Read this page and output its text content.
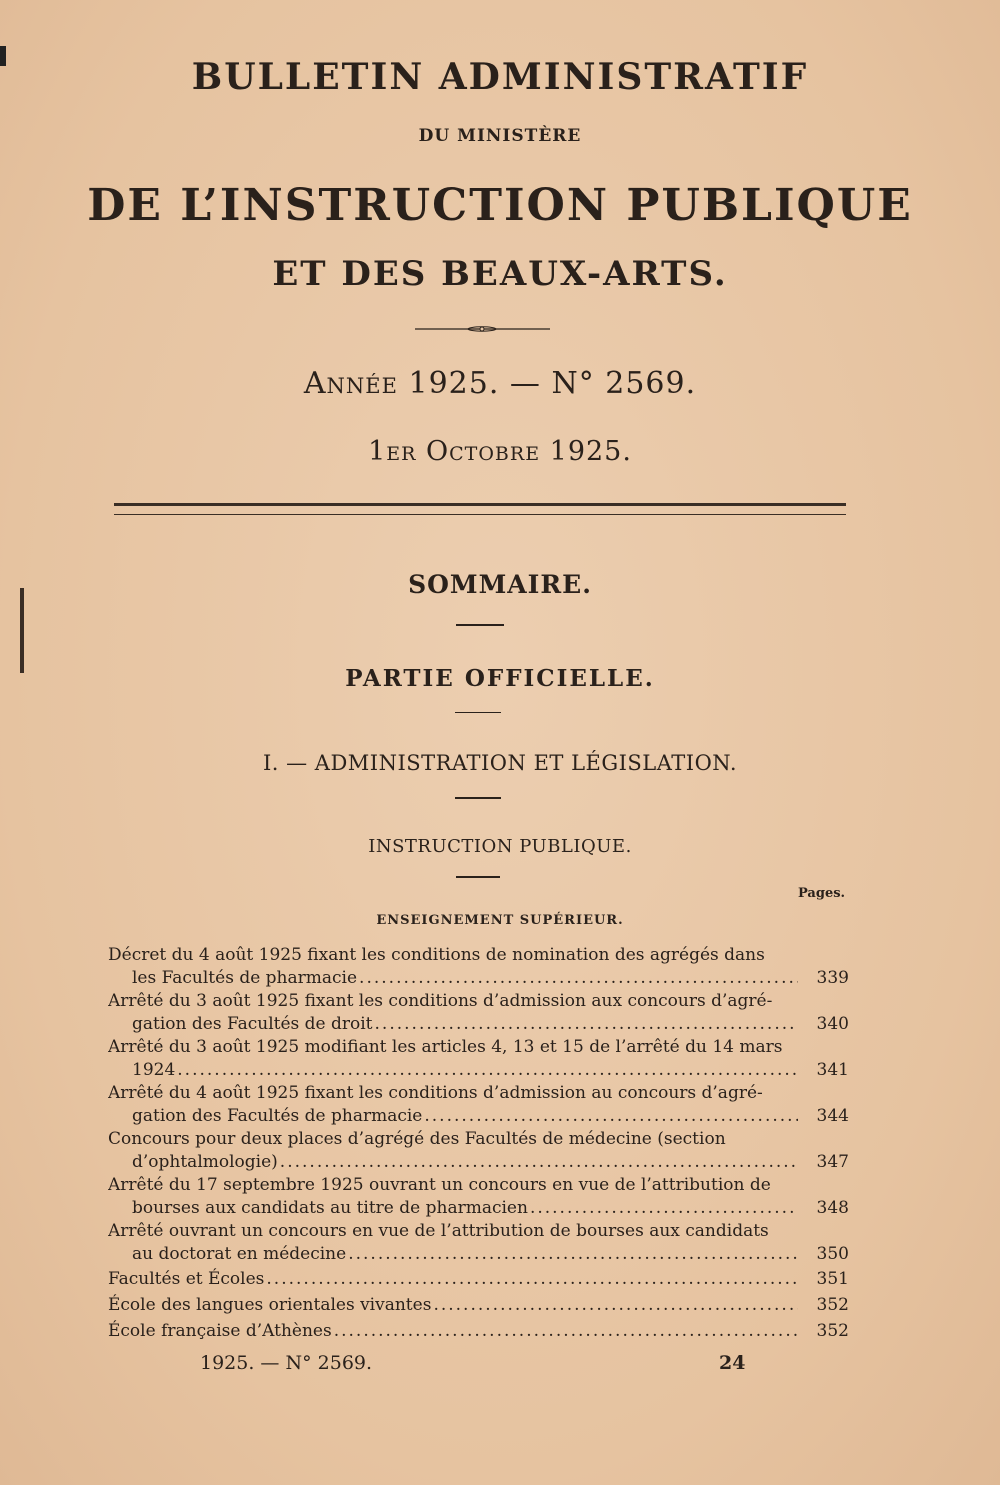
BULLETIN ADMINISTRATIF
DU MINISTÈRE
DE L’INSTRUCTION PUBLIQUE
ET DES BEAUX-ARTS.
Année 1925. — N° 2569.
1er Octobre 1925.
SOMMAIRE.
PARTIE OFFICIELLE.
I. — ADMINISTRATION ET LÉGISLATION.
INSTRUCTION PUBLIQUE.
Pages.
ENSEIGNEMENT SUPÉRIEUR.
Décret du 4 août 1925 fixant les conditions de nomination des agrégés dans
les Facultés de pharmacie .....	339
Arrêté du 3 août 1925 fixant les conditions d’admission aux concours d’agré-
gation des Facultés de droit .....	340
Arrêté du 3 août 1925 modifiant les articles 4, 13 et 15 de l’arrêté du 14 mars
1924 .....	341
Arrêté du 4 août 1925 fixant les conditions d’admission au concours d’agré-
gation des Facultés de pharmacie .....	344
Concours pour deux places d’agrégé des Facultés de médecine (section
d’ophtalmologie) .....	347
Arrêté du 17 septembre 1925 ouvrant un concours en vue de l’attribution de
bourses aux candidats au titre de pharmacien .....	348
Arrêté ouvrant un concours en vue de l’attribution de bourses aux candidats
au doctorat en médecine .....	350
Facultés et Écoles .....	351
École des langues orientales vivantes .....	352
École française d’Athènes .....	352
1925. — N° 2569.	24
